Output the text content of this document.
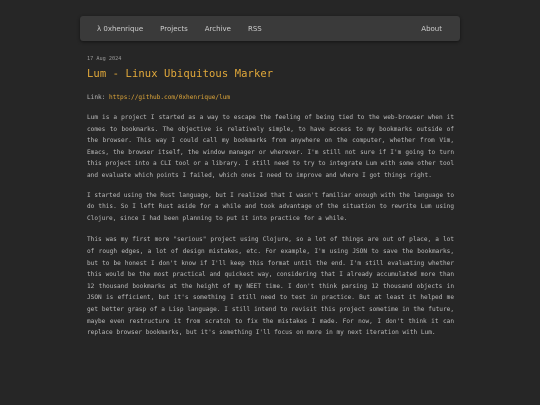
λ 0xhenrique Projects Archive RSS	About

17 Aug 2024

Lum - Linux Ubiquitous Marker

Link: https://github.com/0xhenrique/lum

Lum is a project I started as a way to escape the feeling of being tied to the web-browser when it comes to bookmarks. The objective is relatively simple, to have access to my bookmarks outside of the browser. This way I could call my bookmarks from anywhere on the computer, whether from Vim, Emacs, the browser itself, the window manager or wherever. I'm still not sure if I'm going to turn this project into a CLI tool or a library. I still need to try to integrate Lum with some other tool and evaluate which points I failed, which ones I need to improve and where I got things right.

I started using the Rust language, but I realized that I wasn't familiar enough with the language to do this. So I left Rust aside for a while and took advantage of the situation to rewrite Lum using Clojure, since I had been planning to put it into practice for a while.

This was my first more "serious" project using Clojure, so a lot of things are out of place, a lot of rough edges, a lot of design mistakes, etc. For example, I'm using JSON to save the bookmarks, but to be honest I don't know if I'll keep this format until the end. I'm still evaluating whether this would be the most practical and quickest way, considering that I already accumulated more than 12 thousand bookmarks at the height of my NEET time. I don't think parsing 12 thousand objects in JSON is efficient, but it's something I still need to test in practice. But at least it helped me get better grasp of a Lisp language. I still intend to revisit this project sometime in the future, maybe even restructure it from scratch to fix the mistakes I made. For now, I don't think it can replace browser bookmarks, but it's something I'll focus on more in my next iteration with Lum.
